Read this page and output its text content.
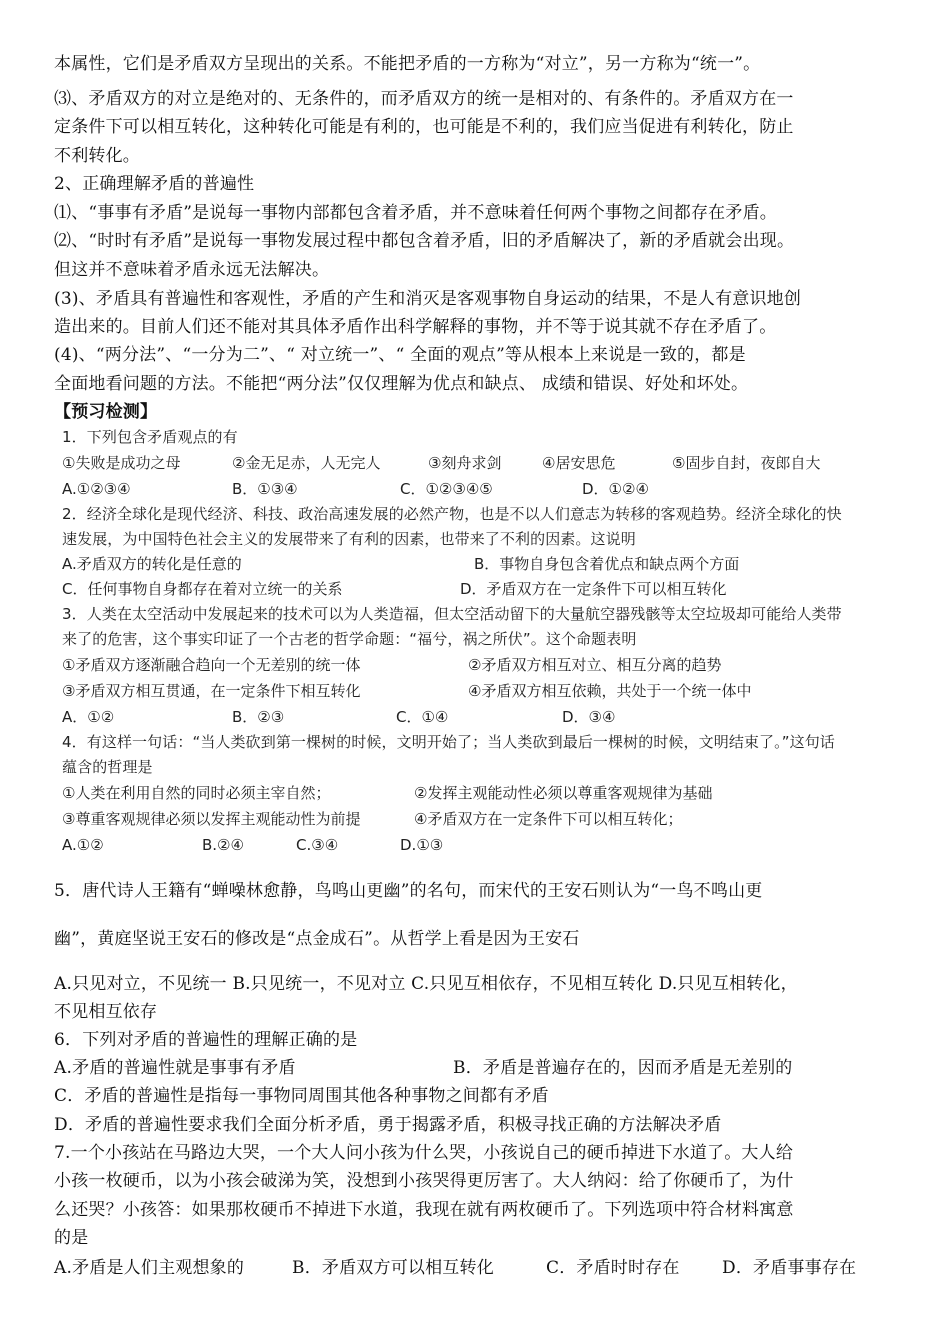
本属性，它们是矛盾双方呈现出的关系。不能把矛盾的一方称为“对立”，另一方称为“统一”。
⑶、矛盾双方的对立是绝对的、无条件的，而矛盾双方的统一是相对的、有条件的。矛盾双方在一
定条件下可以相互转化，这种转化可能是有利的，也可能是不利的，我们应当促进有利转化，防止
不利转化。
2、正确理解矛盾的普遍性
⑴、“事事有矛盾”是说每一事物内部都包含着矛盾，并不意味着任何两个事物之间都存在矛盾。
⑵、“时时有矛盾”是说每一事物发展过程中都包含着矛盾，旧的矛盾解决了，新的矛盾就会出现。
但这并不意味着矛盾永远无法解决。
(3)、矛盾具有普遍性和客观性，矛盾的产生和消灭是客观事物自身运动的结果，不是人有意识地创
造出来的。目前人们还不能对其具体矛盾作出科学解释的事物，并不等于说其就不存在矛盾了。
(4)、“两分法”、“一分为二”、“ 对立统一”、“ 全面的观点”等从根本上来说是一致的，都是
全面地看问题的方法。不能把“两分法”仅仅理解为优点和缺点、 成绩和错误、好处和坏处。
【预习检测】
1．下列包含矛盾观点的有
①失败是成功之母	②金无足赤，人无完人	③刻舟求剑	④居安思危	⑤固步自封，夜郎自大
A.①②③④	B．①③④	C．①②③④⑤	D．①②④
2．经济全球化是现代经济、科技、政治高速发展的必然产物，也是不以人们意志为转移的客观趋势。经济全球化的快
速发展，为中国特色社会主义的发展带来了有利的因素，也带来了不利的因素。这说明
A.矛盾双方的转化是任意的	B．事物自身包含着优点和缺点两个方面
C．任何事物自身都存在着对立统一的关系	D．矛盾双方在一定条件下可以相互转化
3．人类在太空活动中发展起来的技术可以为人类造福，但太空活动留下的大量航空器残骸等太空垃圾却可能给人类带
来了的危害，这个事实印证了一个古老的哲学命题：“福兮，祸之所伏”。这个命题表明
①矛盾双方逐渐融合趋向一个无差别的统一体	②矛盾双方相互对立、相互分离的趋势
③矛盾双方相互贯通，在一定条件下相互转化	④矛盾双方相互依赖，共处于一个统一体中
A．①②	B．②③	C．①④	D．③④
4．有这样一句话：“当人类砍到第一棵树的时候，文明开始了；当人类砍到最后一棵树的时候，文明结束了。”这句话
蕴含的哲理是
①人类在利用自然的同时必须主宰自然；	②发挥主观能动性必须以尊重客观规律为基础
③尊重客观规律必须以发挥主观能动性为前提	④矛盾双方在一定条件下可以相互转化；
A.①②	B.②④	C.③④	D.①③
5．唐代诗人王籍有“蝉噪林愈静，鸟鸣山更幽”的名句，而宋代的王安石则认为“一鸟不鸣山更
幽”，黄庭坚说王安石的修改是“点金成石”。从哲学上看是因为王安石
A.只见对立，不见统一 B.只见统一，不见对立 C.只见互相依存，不见相互转化 D.只见互相转化，
不见相互依存
6．下列对矛盾的普遍性的理解正确的是
A.矛盾的普遍性就是事事有矛盾	B．矛盾是普遍存在的，因而矛盾是无差别的
C．矛盾的普遍性是指每一事物同周围其他各种事物之间都有矛盾
D．矛盾的普遍性要求我们全面分析矛盾，勇于揭露矛盾，积极寻找正确的方法解决矛盾
7.一个小孩站在马路边大哭，一个大人问小孩为什么哭，小孩说自己的硬币掉进下水道了。大人给
小孩一枚硬币，以为小孩会破涕为笑，没想到小孩哭得更厉害了。大人纳闷：给了你硬币了，为什
么还哭？小孩答：如果那枚硬币不掉进下水道，我现在就有两枚硬币了。下列选项中符合材料寓意
的是
A.矛盾是人们主观想象的	B．矛盾双方可以相互转化	C．矛盾时时存在 D．矛盾事事存在
